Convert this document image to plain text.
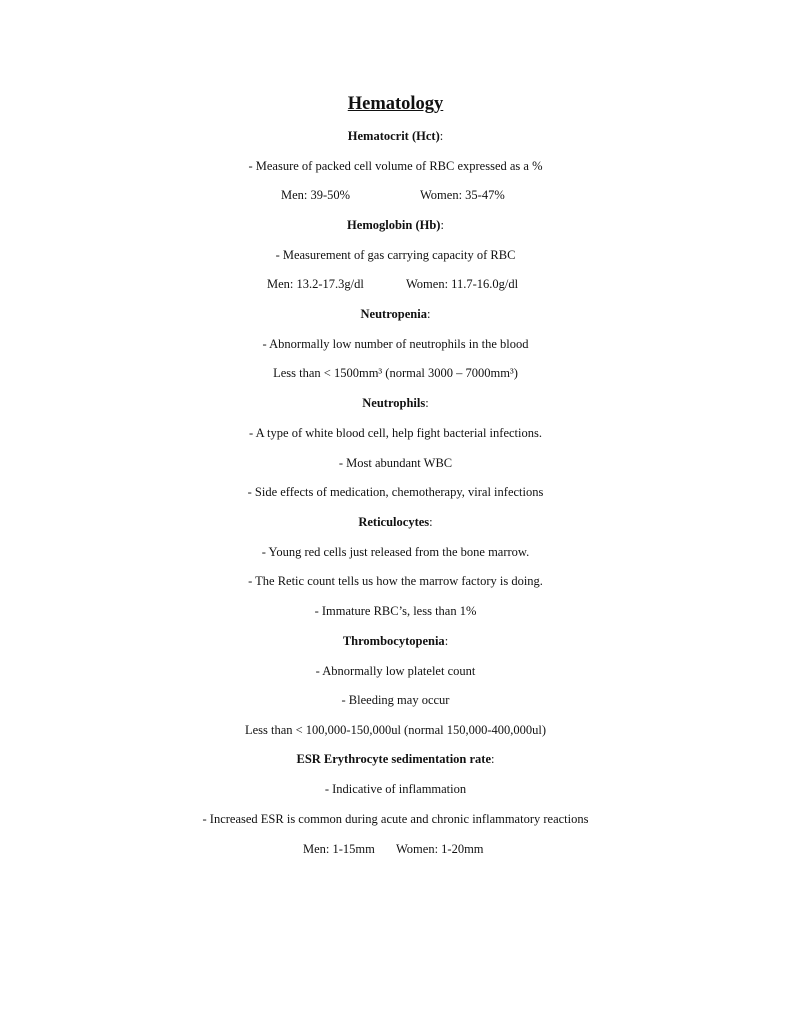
Hematology
Hematocrit (Hct):
- Measure of packed cell volume of RBC expressed as a %
Men: 39-50%	Women: 35-47%
Hemoglobin (Hb):
- Measurement of gas carrying capacity of RBC
Men: 13.2-17.3g/dl	Women: 11.7-16.0g/dl
Neutropenia:
- Abnormally low number of neutrophils in the blood
Less than < 1500mm³ (normal 3000 – 7000mm³)
Neutrophils:
- A type of white blood cell, help fight bacterial infections.
- Most abundant WBC
- Side effects of medication, chemotherapy, viral infections
Reticulocytes:
- Young red cells just released from the bone marrow.
- The Retic count tells us how the marrow factory is doing.
- Immature RBC’s, less than 1%
Thrombocytopenia:
- Abnormally low platelet count
- Bleeding may occur
Less than < 100,000-150,000ul (normal 150,000-400,000ul)
ESR Erythrocyte sedimentation rate:
- Indicative of inflammation
- Increased ESR is common during acute and chronic inflammatory reactions
Men: 1-15mm Women: 1-20mm
